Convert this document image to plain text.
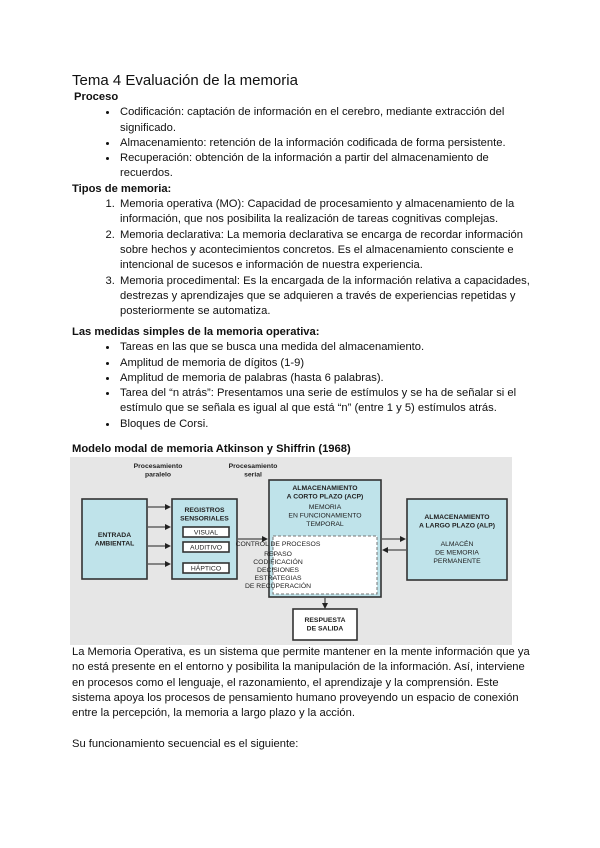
Tema 4 Evaluación de la memoria
Proceso
• Codificación: captación de información en el cerebro, mediante extracción del significado.
• Almacenamiento: retención de la información codificada de forma persistente.
• Recuperación: obtención de la información a partir del almacenamiento de recuerdos.
Tipos de memoria:
1. Memoria operativa (MO): Capacidad de procesamiento y almacenamiento de la información, que nos posibilita la realización de tareas cognitivas complejas.
2. Memoria declarativa: La memoria declarativa se encarga de recordar información sobre hechos y acontecimientos concretos. Es el almacenamiento consciente e intencional de sucesos e información de nuestra experiencia.
3. Memoria procedimental: Es la encargada de la información relativa a capacidades, destrezas y aprendizajes que se adquieren a través de experiencias repetidas y posteriormente se automatiza.
Las medidas simples de la memoria operativa:
• Tareas en las que se busca una medida del almacenamiento.
• Amplitud de memoria de dígitos (1-9)
• Amplitud de memoria de palabras (hasta 6 palabras).
• Tarea del “n atrás”: Presentamos una serie de estímulos y se ha de señalar si el estímulo que se señala es igual al que está “n” (entre 1 y 5) estímulos atrás.
• Bloques de Corsi.
Modelo modal de memoria Atkinson y Shiffrin (1968)
Procesamiento
paralelo
Procesamiento
serial
ENTRADA
AMBIENTAL
REGISTROS
SENSORIALES
VISUAL
AUDITIVO
HÁPTICO
ALMACENAMIENTO
A CORTO PLAZO (ACP)
MEMORIA
EN FUNCIONAMIENTO
TEMPORAL
CONTROL DE PROCESOS
REPASO
CODIFICACIÓN
DECISIONES
ESTRATEGIAS
DE RECUPERACIÓN
ALMACENAMIENTO
A LARGO PLAZO (ALP)
ALMACÉN
DE MEMORIA
PERMANENTE
RESPUESTA
DE SALIDA
La Memoria Operativa, es un sistema que permite mantener en la mente información que ya no está presente en el entorno y posibilita la manipulación de la información. Así, interviene en procesos como el lenguaje, el razonamiento, el aprendizaje y la comprensión. Este sistema apoya los procesos de pensamiento humano proveyendo un espacio de conexión entre la percepción, la memoria a largo plazo y la acción.
Su funcionamiento secuencial es el siguiente:
